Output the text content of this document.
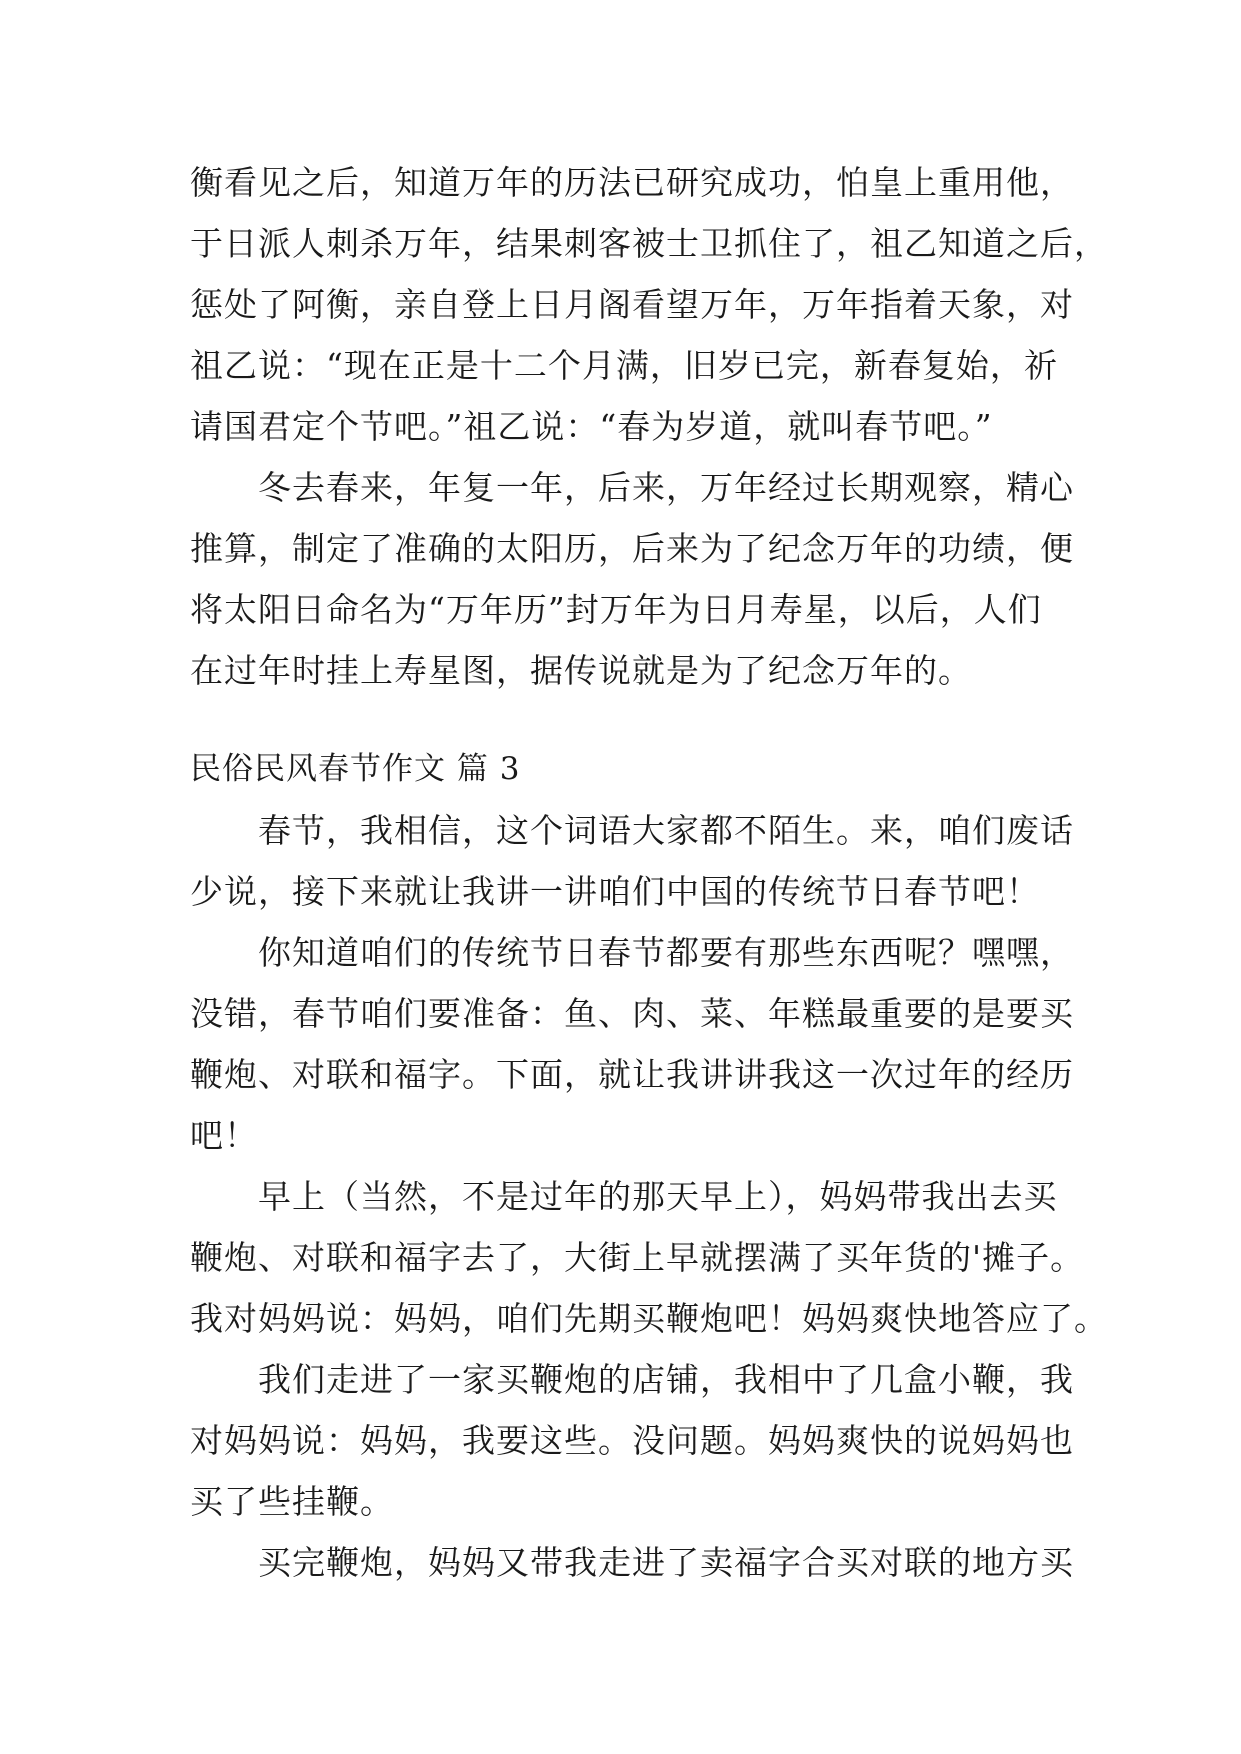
衡看见之后，知道万年的历法已研究成功，怕皇上重用他，
于日派人刺杀万年，结果刺客被士卫抓住了，祖乙知道之后，
惩处了阿衡，亲自登上日月阁看望万年，万年指着天象，对
祖乙说：“现在正是十二个月满，旧岁已完，新春复始，祈
请国君定个节吧。”祖乙说：“春为岁道，就叫春节吧。”

冬去春来，年复一年，后来，万年经过长期观察，精心
推算，制定了准确的太阳历，后来为了纪念万年的功绩，便
将太阳日命名为“万年历”封万年为日月寿星，以后，人们
在过年时挂上寿星图，据传说就是为了纪念万年的。

民俗民风春节作文 篇 3

春节，我相信，这个词语大家都不陌生。来，咱们废话
少说，接下来就让我讲一讲咱们中国的传统节日春节吧！

你知道咱们的传统节日春节都要有那些东西呢？嘿嘿，
没错，春节咱们要准备：鱼、肉、菜、年糕最重要的是要买
鞭炮、对联和福字。下面，就让我讲讲我这一次过年的经历
吧！

早上（当然，不是过年的那天早上），妈妈带我出去买
鞭炮、对联和福字去了，大街上早就摆满了买年货的'摊子。
我对妈妈说：妈妈，咱们先期买鞭炮吧！妈妈爽快地答应了。

我们走进了一家买鞭炮的店铺，我相中了几盒小鞭，我
对妈妈说：妈妈，我要这些。没问题。妈妈爽快的说妈妈也
买了些挂鞭。

买完鞭炮，妈妈又带我走进了卖福字合买对联的地方买
